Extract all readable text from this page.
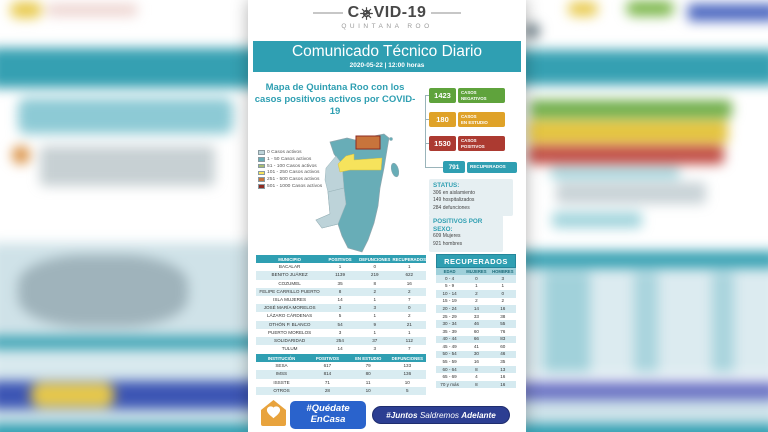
C VID-19
QUINTANA ROO
Comunicado Técnico Diario
2020-05-22 | 12:00 horas
Mapa de Quintana Roo con los casos positivos activos por COVID-19
0 Casos activos
1 - 50 Casos activos
51 - 100 Casos activos
101 - 250 Casos activos
251 - 500 Casos activos
501 - 1000 Casos activos
1423	CASOS
NEGATIVOS
180	CASOS
EN ESTUDIO
1530	CASOS
POSITIVOS
791	RECUPERADOS
STATUS:
306 en aislamiento
149 hospitalizados
284 defunciones
POSITIVOS POR SEXO:
609 Mujeres
921 hombres
MUNICIPIO	POSITIVOS	DEFUNCIONES	RECUPERADOS
BACALAR	1	0	1
BENITO JUÁREZ	1139	219	622
COZUMEL	35	8	16
FELIPE CARRILLO PUERTO	8	2	2
ISLA MUJERES	14	1	7
JOSÉ MARÍA MORELOS	3	3	0
LÁZARO CÁRDENAS	5	1	2
OTHÓN P. BLANCO	54	9	21
PUERTO MORELOS	3	1	1
SOLIDARIDAD	254	37	112
TULUM	14	3	7
INSTITUCIÓN	POSITIVOS	EN ESTUDIO	DEFUNCIONES
SESA	617	79	133
IMSS	814	80	136
ISSSTE	71	11	10
OTROS	28	10	5
RECUPERADOS
EDAD	MUJERES	HOMBRES
0 - 4	0	3
5 - 9	1	1
10 - 14	2	0
15 - 19	2	2
20 - 24	14	16
25 - 29	33	38
30 - 34	46	55
35 - 39	60	76
40 - 44	66	83
45 - 49	41	60
50 - 54	30	46
55 - 59	16	35
60 - 64	8	13
65 - 69	4	16
70 y más	8	16
#Quédate
EnCasa	#Juntos Saldremos Adelante
